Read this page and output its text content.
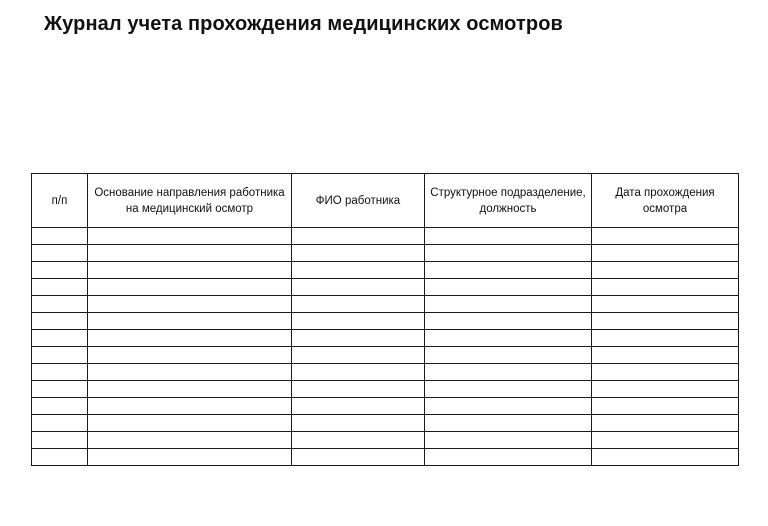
Журнал учета прохождения медицинских осмотров
п/п	Основание направления работника на медицинский осмотр	ФИО работника	Структурное подразделение, должность	Дата прохождения осмотра
